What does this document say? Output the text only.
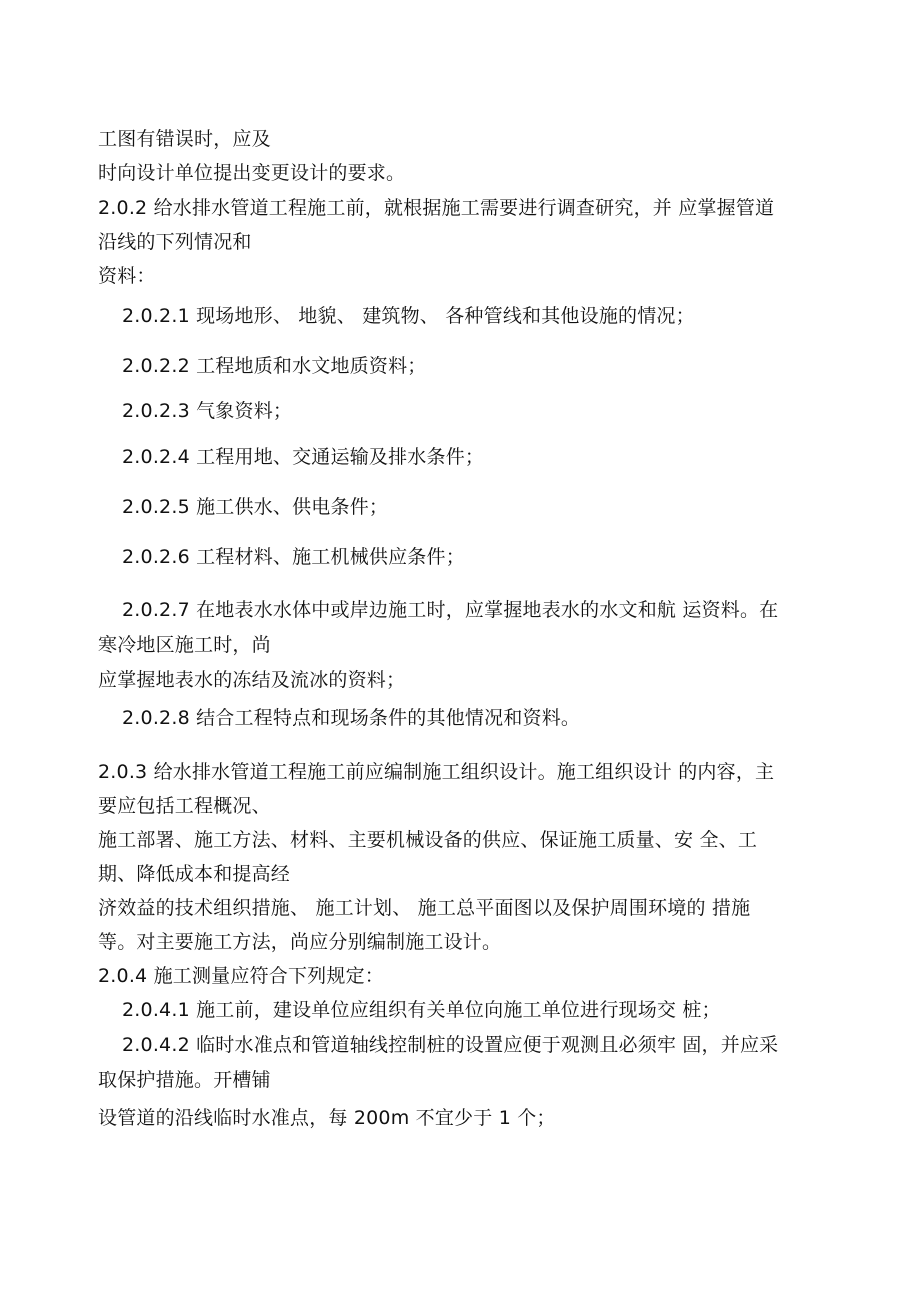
工图有错误时，应及

时向设计单位提出变更设计的要求。

2.0.2 给水排水管道工程施工前，就根据施工需要进行调查研究，并 应掌握管道

沿线的下列情况和

资料：

2.0.2.1 现场地形、 地貌、 建筑物、 各种管线和其他设施的情况；

2.0.2.2 工程地质和水文地质资料；

2.0.2.3 气象资料；

2.0.2.4 工程用地、交通运输及排水条件；

2.0.2.5 施工供水、供电条件；

2.0.2.6 工程材料、施工机械供应条件；

2.0.2.7 在地表水水体中或岸边施工时，应掌握地表水的水文和航 运资料。在

寒冷地区施工时，尚

应掌握地表水的冻结及流冰的资料；

2.0.2.8 结合工程特点和现场条件的其他情况和资料。

2.0.3 给水排水管道工程施工前应编制施工组织设计。施工组织设计 的内容，主

要应包括工程概况、

施工部署、施工方法、材料、主要机械设备的供应、保证施工质量、安 全、工

期、降低成本和提高经

济效益的技术组织措施、 施工计划、 施工总平面图以及保护周围环境的 措施

等。对主要施工方法，尚应分别编制施工设计。

2.0.4 施工测量应符合下列规定：

2.0.4.1 施工前，建设单位应组织有关单位向施工单位进行现场交 桩；

2.0.4.2 临时水准点和管道轴线控制桩的设置应便于观测且必须牢 固，并应采

取保护措施。开槽铺

设管道的沿线临时水准点，每 200m 不宜少于 1 个；
